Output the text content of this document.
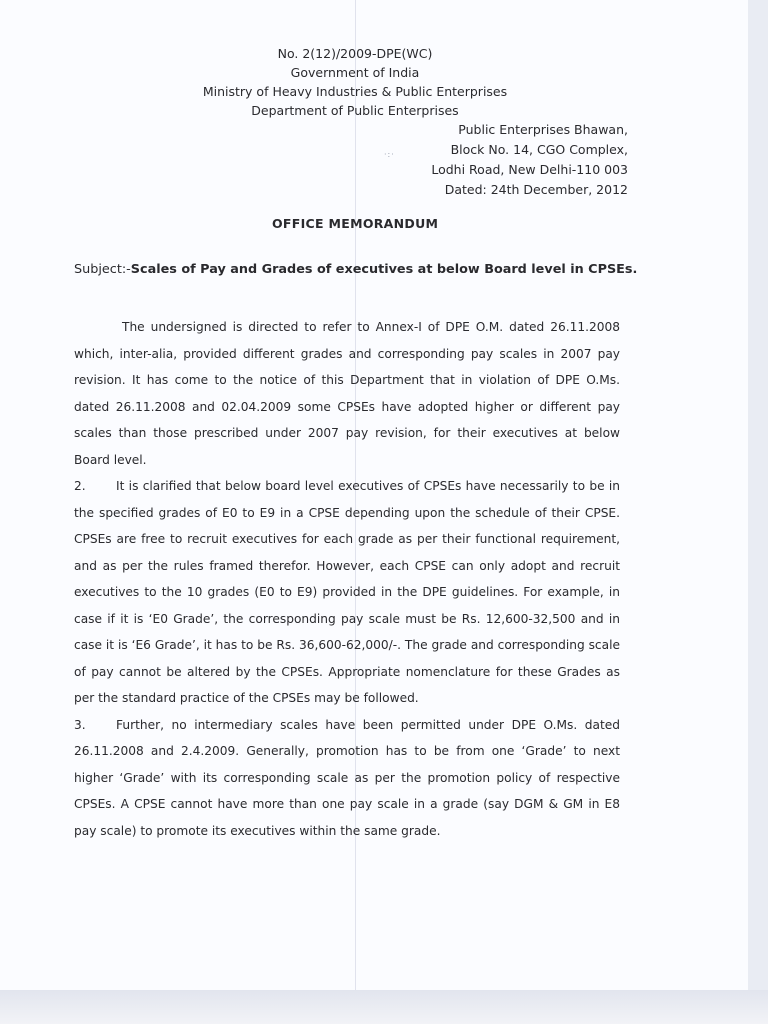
·:·
No. 2(12)/2009-DPE(WC)
Government of India
Ministry of Heavy Industries & Public Enterprises
Department of Public Enterprises
Public Enterprises Bhawan,
Block No. 14, CGO Complex,
Lodhi Road, New Delhi-110 003
Dated: 24th December, 2012
OFFICE MEMORANDUM
Subject:-Scales of Pay and Grades of executives at below Board level in CPSEs.

The undersigned is directed to refer to Annex-I of DPE O.M. dated 26.11.2008 which, inter-alia, provided different grades and corresponding pay scales in 2007 pay revision. It has come to the notice of this Department that in violation of DPE O.Ms. dated 26.11.2008 and 02.04.2009 some CPSEs have adopted higher or different pay scales than those prescribed under 2007 pay revision, for their executives at below Board level.

2. It is clarified that below board level executives of CPSEs have necessarily to be in the specified grades of E0 to E9 in a CPSE depending upon the schedule of their CPSE. CPSEs are free to recruit executives for each grade as per their functional requirement, and as per the rules framed therefor. However, each CPSE can only adopt and recruit executives to the 10 grades (E0 to E9) provided in the DPE guidelines. For example, in case if it is ‘E0 Grade’, the corresponding pay scale must be Rs. 12,600-32,500 and in case it is ‘E6 Grade’, it has to be Rs. 36,600-62,000/-. The grade and corresponding scale of pay cannot be altered by the CPSEs. Appropriate nomenclature for these Grades as per the standard practice of the CPSEs may be followed.

3. Further, no intermediary scales have been permitted under DPE O.Ms. dated 26.11.2008 and 2.4.2009. Generally, promotion has to be from one ‘Grade’ to next higher ‘Grade’ with its corresponding scale as per the promotion policy of respective CPSEs. A CPSE cannot have more than one pay scale in a grade (say DGM & GM in E8 pay scale) to promote its executives within the same grade.
